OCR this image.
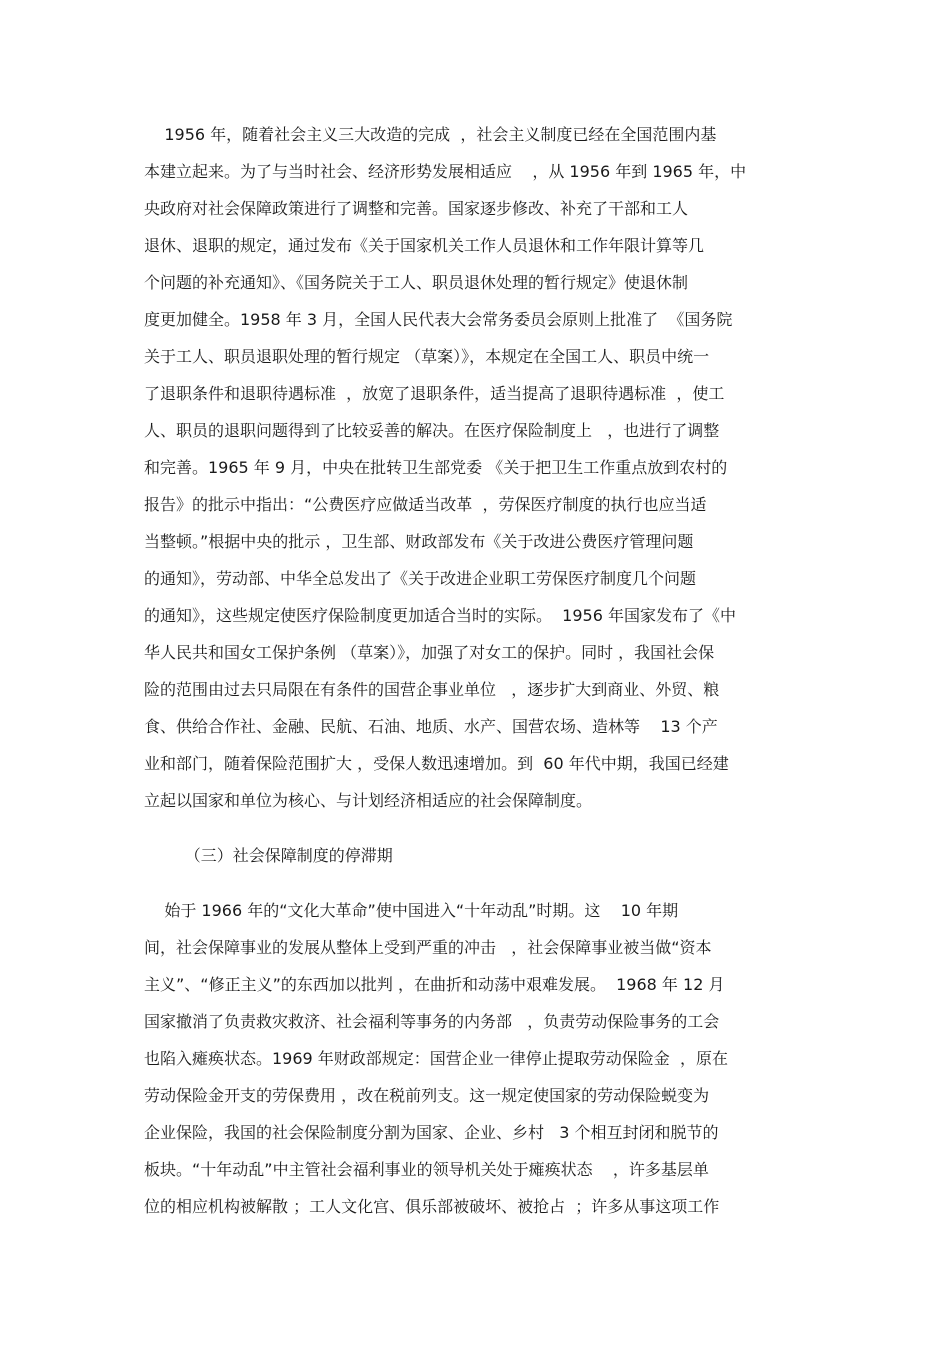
1956 年，随着社会主义三大改造的完成  ，社会主义制度已经在全国范围内基

本建立起来。为了与当时社会、经济形势发展相适应    ，从 1956 年到 1965 年，中

央政府对社会保障政策进行了调整和完善。国家逐步修改、补充了干部和工人

退休、退职的规定，通过发布《关于国家机关工作人员退休和工作年限计算等几

个问题的补充通知》、《国务院关于工人、职员退休处理的暂行规定》使退休制

度更加健全。1958 年 3 月，全国人民代表大会常务委员会原则上批准了  《国务院

关于工人、职员退职处理的暂行规定 （草案）》，本规定在全国工人、职员中统一

了退职条件和退职待遇标准  ，放宽了退职条件，适当提高了退职待遇标准  ，使工

人、职员的退职问题得到了比较妥善的解决。在医疗保险制度上   ，也进行了调整

和完善。1965 年 9 月，中央在批转卫生部党委 《关于把卫生工作重点放到农村的

报告》的批示中指出：“公费医疗应做适当改革  ，劳保医疗制度的执行也应当适

当整顿。”根据中央的批示 ，卫生部、财政部发布《关于改进公费医疗管理问题

的通知》，劳动部、中华全总发出了《关于改进企业职工劳保医疗制度几个问题

的通知》，这些规定使医疗保险制度更加适合当时的实际。  1956 年国家发布了《中

华人民共和国女工保护条例 （草案）》，加强了对女工的保护。同时 ，我国社会保

险的范围由过去只局限在有条件的国营企事业单位   ，逐步扩大到商业、外贸、粮

食、供给合作社、金融、民航、石油、地质、水产、国营农场、造林等    13 个产

业和部门，随着保险范围扩大 ，受保人数迅速增加。到  60 年代中期，我国已经建

立起以国家和单位为核心、与计划经济相适应的社会保障制度。

（三）社会保障制度的停滞期

始于 1966 年的“文化大革命”使中国进入“十年动乱”时期。这    10 年期

间，社会保障事业的发展从整体上受到严重的冲击   ，社会保障事业被当做“资本

主义”、“修正主义”的东西加以批判 ，在曲折和动荡中艰难发展。  1968 年 12 月

国家撤消了负责救灾救济、社会福利等事务的内务部   ，负责劳动保险事务的工会

也陷入瘫痪状态。1969 年财政部规定：国营企业一律停止提取劳动保险金  ，原在

劳动保险金开支的劳保费用 ，改在税前列支。这一规定使国家的劳动保险蜕变为

企业保险，我国的社会保险制度分割为国家、企业、乡村   3 个相互封闭和脱节的

板块。“十年动乱”中主管社会福利事业的领导机关处于瘫痪状态    ，许多基层单

位的相应机构被解散 ；工人文化宫、俱乐部被破坏、被抢占  ；许多从事这项工作
